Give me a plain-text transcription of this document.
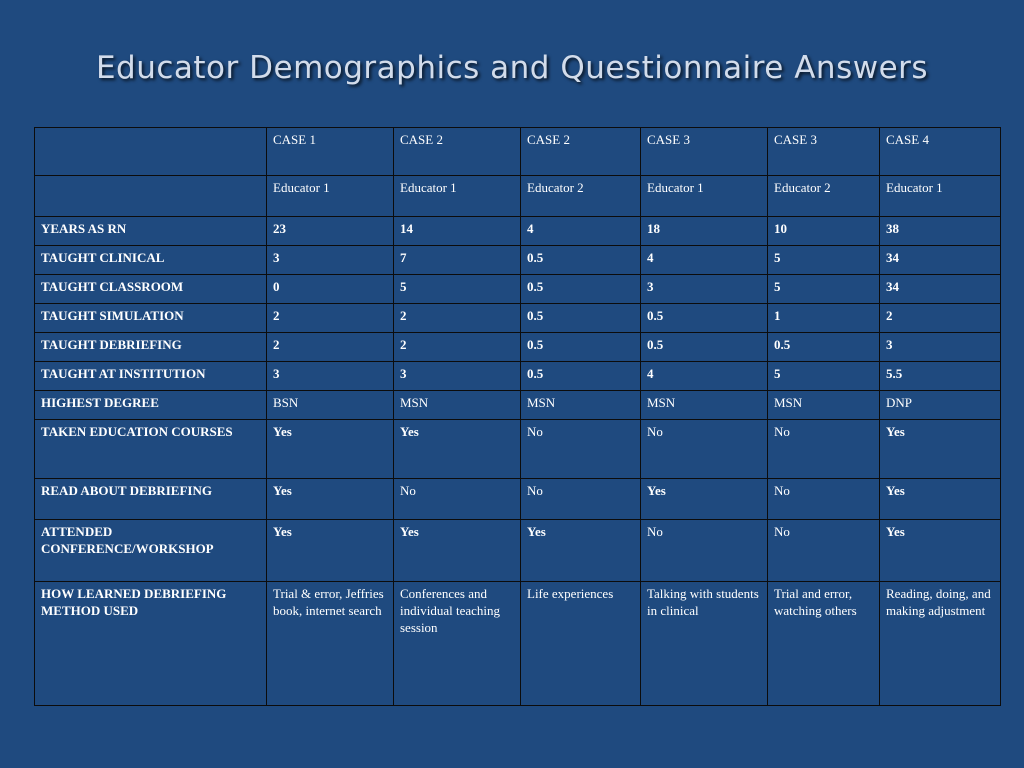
Educator Demographics and Questionnaire Answers
	CASE 1	CASE 2	CASE 2	CASE 3	CASE 3	CASE 4
	Educator 1	Educator 1	Educator 2	Educator 1	Educator 2	Educator 1
YEARS AS RN	23	14	4	18	10	38
TAUGHT CLINICAL	3	7	0.5	4	5	34
TAUGHT CLASSROOM	0	5	0.5	3	5	34
TAUGHT SIMULATION	2	2	0.5	0.5	1	2
TAUGHT DEBRIEFING	2	2	0.5	0.5	0.5	3
TAUGHT AT INSTITUTION	3	3	0.5	4	5	5.5
HIGHEST DEGREE	BSN	MSN	MSN	MSN	MSN	DNP
TAKEN EDUCATION COURSES	Yes	Yes	No	No	No	Yes
READ ABOUT DEBRIEFING	Yes	No	No	Yes	No	Yes
ATTENDED CONFERENCE/WORKSHOP	Yes	Yes	Yes	No	No	Yes
HOW LEARNED DEBRIEFING METHOD USED	Trial & error, Jeffries book, internet search	Conferences and individual teaching session	Life experiences	Talking with students in clinical	Trial and error, watching others	Reading, doing, and making adjustment
